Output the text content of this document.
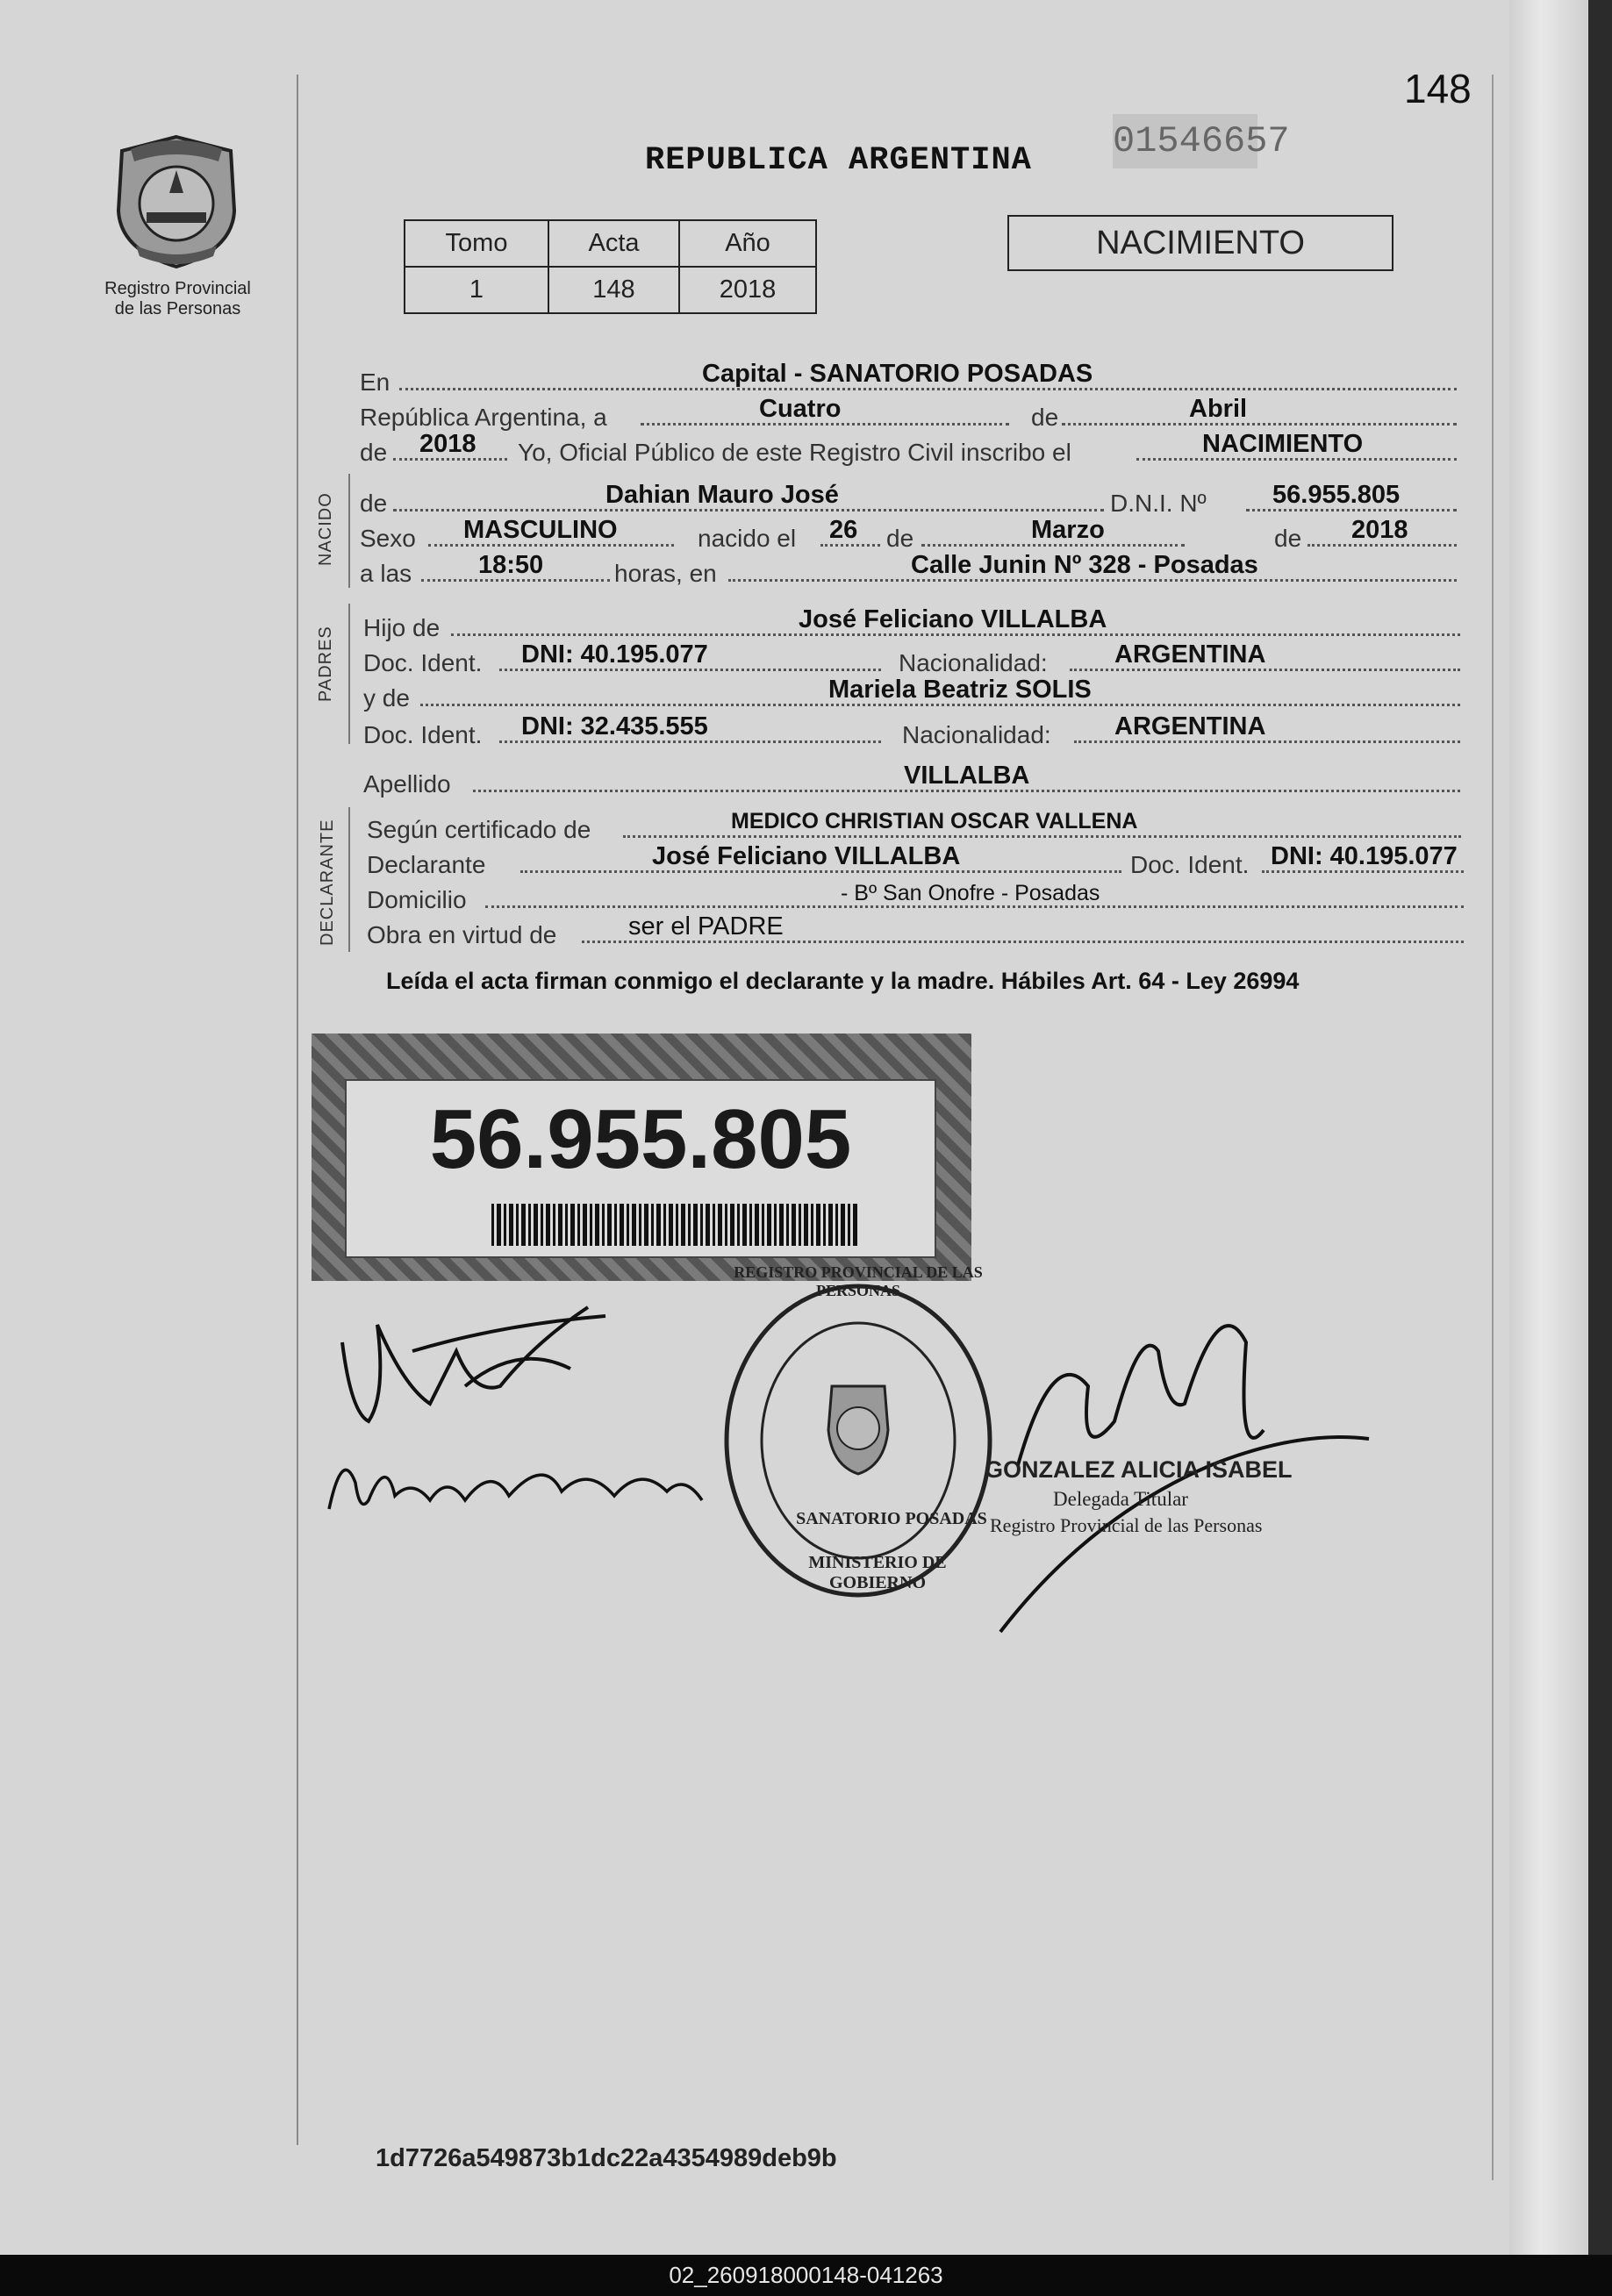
148
Registro Provincial
de las Personas
REPUBLICA ARGENTINA 01546657
Tomo	Acta	Año
1	148	2018
NACIMIENTO
En	Capital - SANATORIO POSADAS
República Argentina, a	Cuatro	de	Abril
de 2018 Yo, Oficial Público de este Registro Civil inscribo el	NACIMIENTO
NACIDO de	Dahian Mauro José	D.N.I. Nº	56.955.805
Sexo MASCULINO	nacido el 26 de	Marzo	de 2018
a las	18:50	horas, en	Calle Junin Nº 328 - Posadas
PADRES Hijo de	José Feliciano VILLALBA
Doc. Ident. DNI: 40.195.077	Nacionalidad:	ARGENTINA
y de	Mariela Beatriz SOLIS
Doc. Ident. DNI: 32.435.555	Nacionalidad: ARGENTINA
Apellido	VILLALBA
DECLARANTE Según certificado de	MEDICO CHRISTIAN OSCAR VALLENA
Declarante	José Feliciano VILLALBA	Doc. Ident. DNI: 40.195.077
Domicilio	- Bº San Onofre - Posadas
Obra en virtud de	ser el PADRE
Leída el acta firman conmigo el declarante y la madre. Hábiles Art. 64 - Ley 26994
56.955.805
SANATORIO POSADAS
MINISTERIO DE GOBIERNO
REGISTRO PROVINCIAL DE LAS PERSONAS
GONZALEZ ALICIA ISABEL
Delegada Titular
Registro Provincial de las Personas
1d7726a549873b1dc22a4354989deb9b
02_260918000148-041263
